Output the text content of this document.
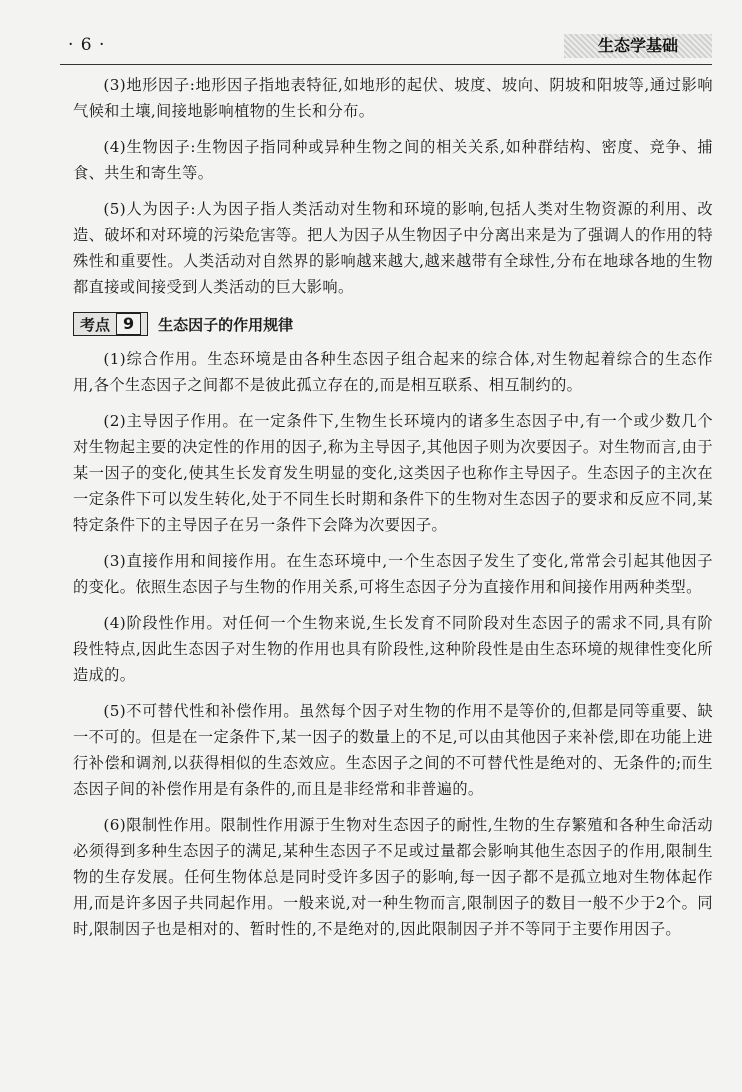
· 6 ·	生态学基础

(3)地形因子:地形因子指地表特征,如地形的起伏、坡度、坡向、阴坡和阳坡等,通过影响气候和土壤,间接地影响植物的生长和分布。

(4)生物因子:生物因子指同种或异种生物之间的相关关系,如种群结构、密度、竞争、捕食、共生和寄生等。

(5)人为因子:人为因子指人类活动对生物和环境的影响,包括人类对生物资源的利用、改造、破坏和对环境的污染危害等。把人为因子从生物因子中分离出来是为了强调人的作用的特殊性和重要性。人类活动对自然界的影响越来越大,越来越带有全球性,分布在地球各地的生物都直接或间接受到人类活动的巨大影响。

考点 9	生态因子的作用规律

(1)综合作用。生态环境是由各种生态因子组合起来的综合体,对生物起着综合的生态作用,各个生态因子之间都不是彼此孤立存在的,而是相互联系、相互制约的。

(2)主导因子作用。在一定条件下,生物生长环境内的诸多生态因子中,有一个或少数几个对生物起主要的决定性的作用的因子,称为主导因子,其他因子则为次要因子。对生物而言,由于某一因子的变化,使其生长发育发生明显的变化,这类因子也称作主导因子。生态因子的主次在一定条件下可以发生转化,处于不同生长时期和条件下的生物对生态因子的要求和反应不同,某特定条件下的主导因子在另一条件下会降为次要因子。

(3)直接作用和间接作用。在生态环境中,一个生态因子发生了变化,常常会引起其他因子的变化。依照生态因子与生物的作用关系,可将生态因子分为直接作用和间接作用两种类型。

(4)阶段性作用。对任何一个生物来说,生长发育不同阶段对生态因子的需求不同,具有阶段性特点,因此生态因子对生物的作用也具有阶段性,这种阶段性是由生态环境的规律性变化所造成的。

(5)不可替代性和补偿作用。虽然每个因子对生物的作用不是等价的,但都是同等重要、缺一不可的。但是在一定条件下,某一因子的数量上的不足,可以由其他因子来补偿,即在功能上进行补偿和调剂,以获得相似的生态效应。生态因子之间的不可替代性是绝对的、无条件的;而生态因子间的补偿作用是有条件的,而且是非经常和非普遍的。

(6)限制性作用。限制性作用源于生物对生态因子的耐性,生物的生存繁殖和各种生命活动必须得到多种生态因子的满足,某种生态因子不足或过量都会影响其他生态因子的作用,限制生物的生存发展。任何生物体总是同时受许多因子的影响,每一因子都不是孤立地对生物体起作用,而是许多因子共同起作用。一般来说,对一种生物而言,限制因子的数目一般不少于2个。同时,限制因子也是相对的、暂时性的,不是绝对的,因此限制因子并不等同于主要作用因子。
